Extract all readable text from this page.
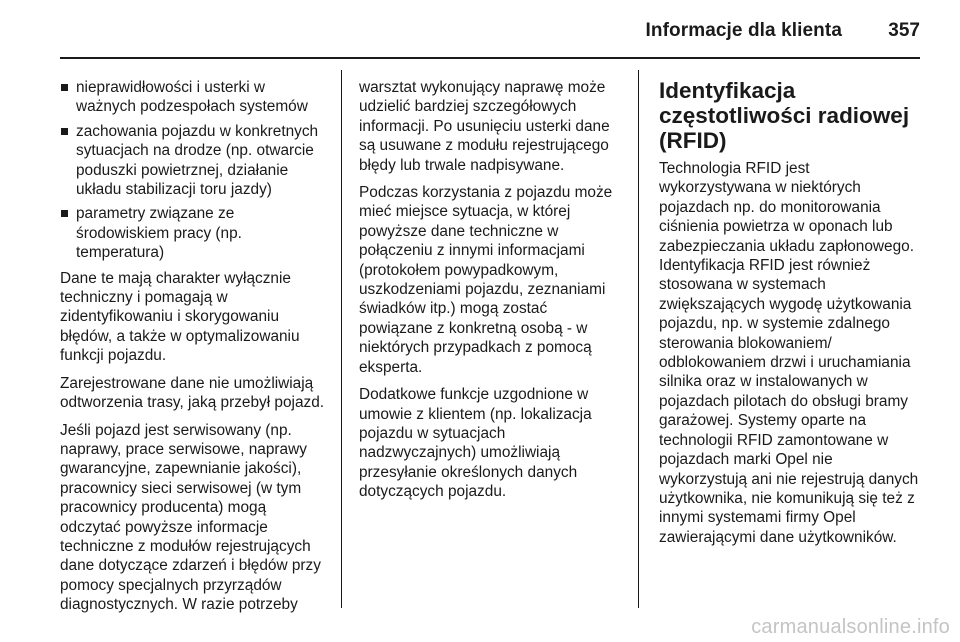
Informacje dla klienta 357
nieprawidłowości i usterki w ważnych podzespołach systemów
zachowania pojazdu w konkretnych sytuacjach na drodze (np. otwarcie poduszki powietrznej, działanie układu stabilizacji toru jazdy)
parametry związane ze środowiskiem pracy (np. temperatura)

Dane te mają charakter wyłącznie techniczny i pomagają w zidentyfikowaniu i skorygowaniu błędów, a także w optymalizowaniu funkcji pojazdu.

Zarejestrowane dane nie umożliwiają odtworzenia trasy, jaką przebył pojazd.

Jeśli pojazd jest serwisowany (np. naprawy, prace serwisowe, naprawy gwarancyjne, zapewnianie jakości), pracownicy sieci serwisowej (w tym pracownicy producenta) mogą odczytać powyższe informacje techniczne z modułów rejestrujących dane dotyczące zdarzeń i błędów przy pomocy specjalnych przyrządów diagnostycznych. W razie potrzeby

warsztat wykonujący naprawę może udzielić bardziej szczegółowych informacji. Po usunięciu usterki dane są usuwane z modułu rejestrującego błędy lub trwale nadpisywane.

Podczas korzystania z pojazdu może mieć miejsce sytuacja, w której powyższe dane techniczne w połączeniu z innymi informacjami (protokołem powypadkowym, uszkodzeniami pojazdu, zeznaniami świadków itp.) mogą zostać powiązane z konkretną osobą - w niektórych przypadkach z pomocą eksperta.

Dodatkowe funkcje uzgodnione w umowie z klientem (np. lokalizacja pojazdu w sytuacjach nadzwyczajnych) umożliwiają przesyłanie określonych danych dotyczących pojazdu.

Identyfikacja częstotliwości radiowej (RFID)

Technologia RFID jest wykorzystywana w niektórych pojazdach np. do monitorowania ciśnienia powietrza w oponach lub zabezpieczania układu zapłonowego. Identyfikacja RFID jest również stosowana w systemach zwiększających wygodę użytkowania pojazdu, np. w systemie zdalnego sterowania blokowaniem/ odblokowaniem drzwi i uruchamiania silnika oraz w instalowanych w pojazdach pilotach do obsługi bramy garażowej. Systemy oparte na technologii RFID zamontowane w pojazdach marki Opel nie wykorzystują ani nie rejestrują danych użytkownika, nie komunikują się też z innymi systemami firmy Opel zawierającymi dane użytkowników.

carmanualsonline.info
